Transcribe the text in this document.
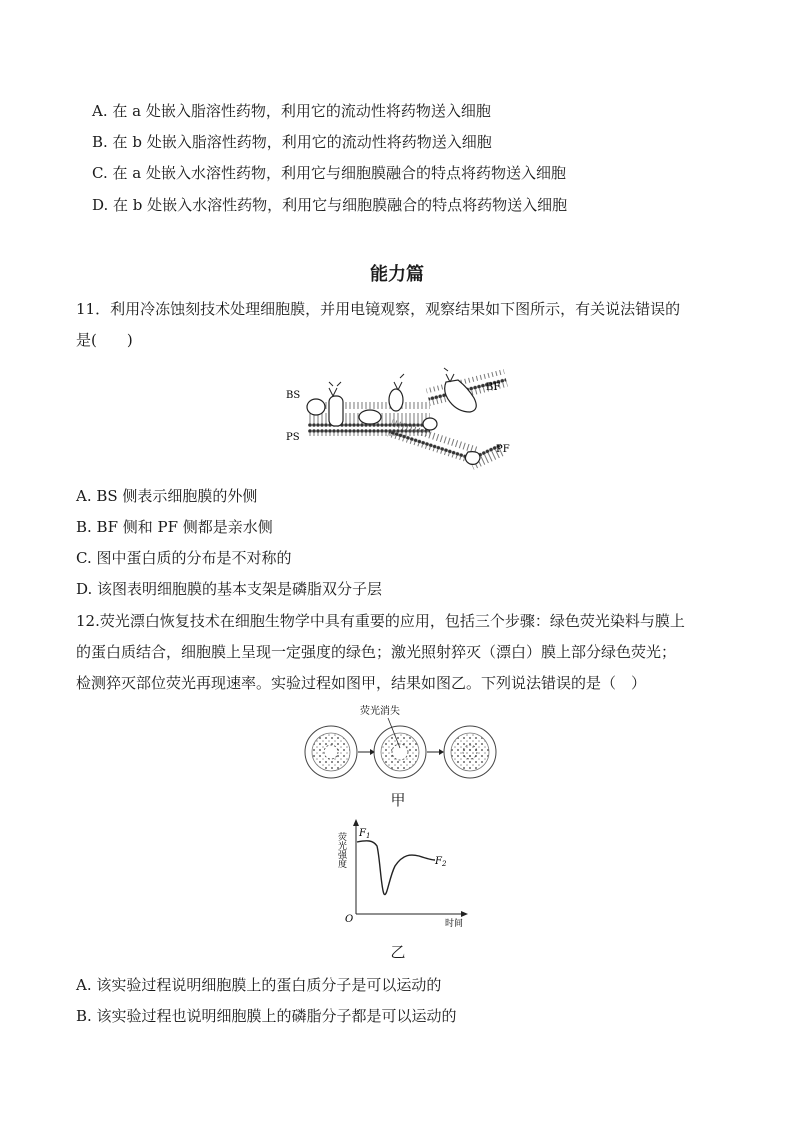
A. 在 a 处嵌入脂溶性药物，利用它的流动性将药物送入细胞
B. 在 b 处嵌入脂溶性药物，利用它的流动性将药物送入细胞
C. 在 a 处嵌入水溶性药物，利用它与细胞膜融合的特点将药物送入细胞
D. 在 b 处嵌入水溶性药物，利用它与细胞膜融合的特点将药物送入细胞
能力篇
11．利用冷冻蚀刻技术处理细胞膜，并用电镜观察，观察结果如下图所示，有关说法错误的
是(　　)
BS
PS
BF
PF
A. BS 侧表示细胞膜的外侧
B. BF 侧和 PF 侧都是亲水侧
C. 图中蛋白质的分布是不对称的
D. 该图表明细胞膜的基本支架是磷脂双分子层
12.荧光漂白恢复技术在细胞生物学中具有重要的应用，包括三个步骤：绿色荧光染料与膜上
的蛋白质结合，细胞膜上呈现一定强度的绿色；激光照射猝灭（漂白）膜上部分绿色荧光；
检测猝灭部位荧光再现速率。实验过程如图甲，结果如图乙。下列说法错误的是（　）
荧光消失
甲
荧光强度
时间
O
$F_1$
$F_2$
乙
A. 该实验过程说明细胞膜上的蛋白质分子是可以运动的
B. 该实验过程也说明细胞膜上的磷脂分子都是可以运动的
